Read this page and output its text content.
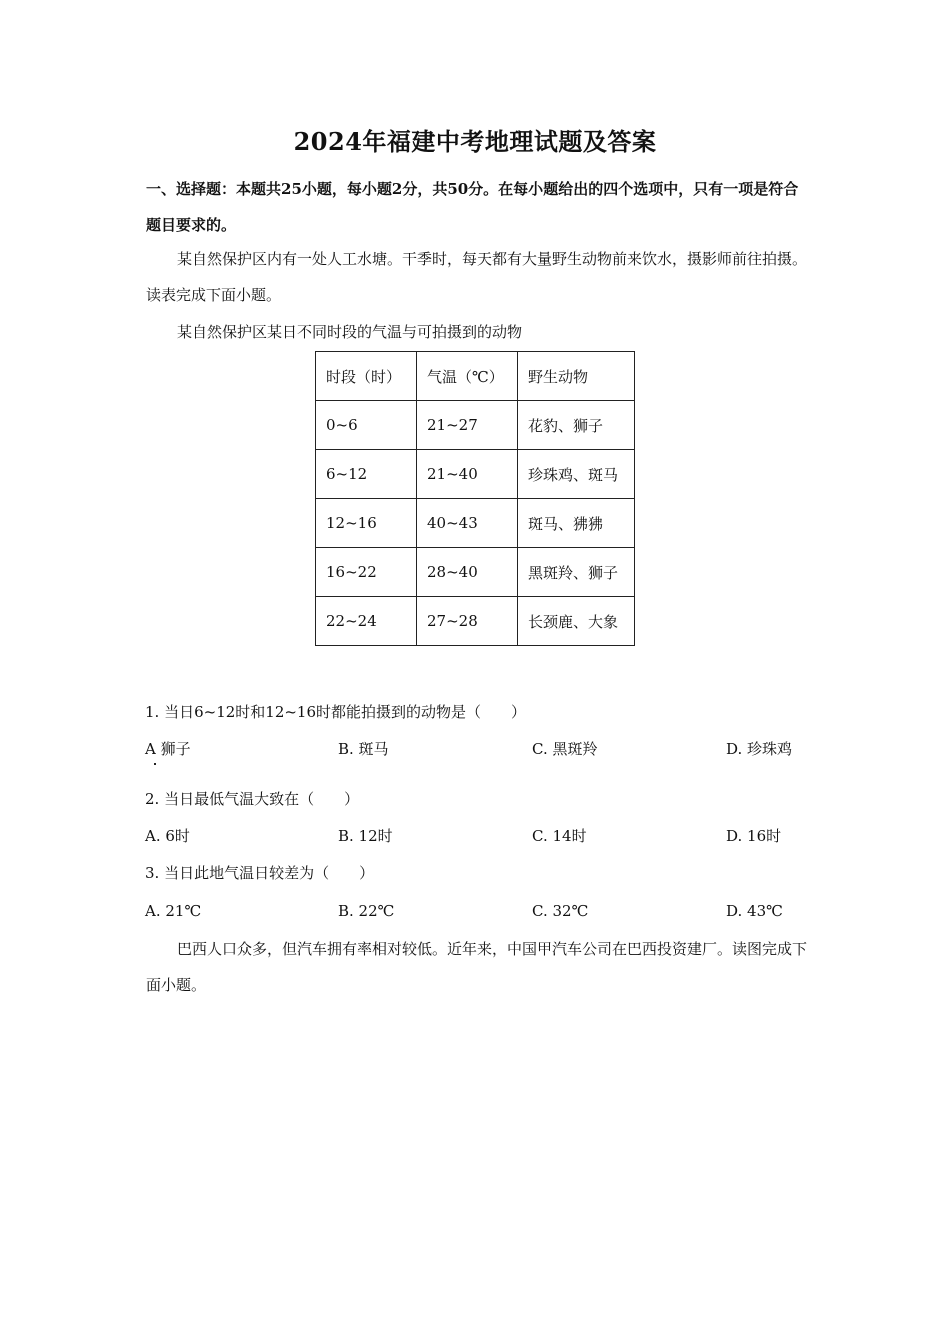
2024年福建中考地理试题及答案
一、选择题：本题共25小题，每小题2分，共50分。在每小题给出的四个选项中，只有一项是符合题目要求的。
某自然保护区内有一处人工水塘。干季时，每天都有大量野生动物前来饮水，摄影师前往拍摄。读表完成下面小题。
某自然保护区某日不同时段的气温与可拍摄到的动物
时段（时）	气温（℃）	野生动物
0~6	21~27	花豹、狮子
6~12	21~40	珍珠鸡、斑马
12~16	40~43	斑马、狒狒
16~22	28~40	黑斑羚、狮子
22~24	27~28	长颈鹿、大象
1. 当日6~12时和12~16时都能拍摄到的动物是（　　）
A 狮子	B. 斑马	C. 黑斑羚	D. 珍珠鸡
2. 当日最低气温大致在（　　）
A. 6时	B. 12时	C. 14时	D. 16时
3. 当日此地气温日较差为（　　）
A. 21℃	B. 22℃	C. 32℃	D. 43℃
巴西人口众多，但汽车拥有率相对较低。近年来，中国甲汽车公司在巴西投资建厂。读图完成下面小题。
